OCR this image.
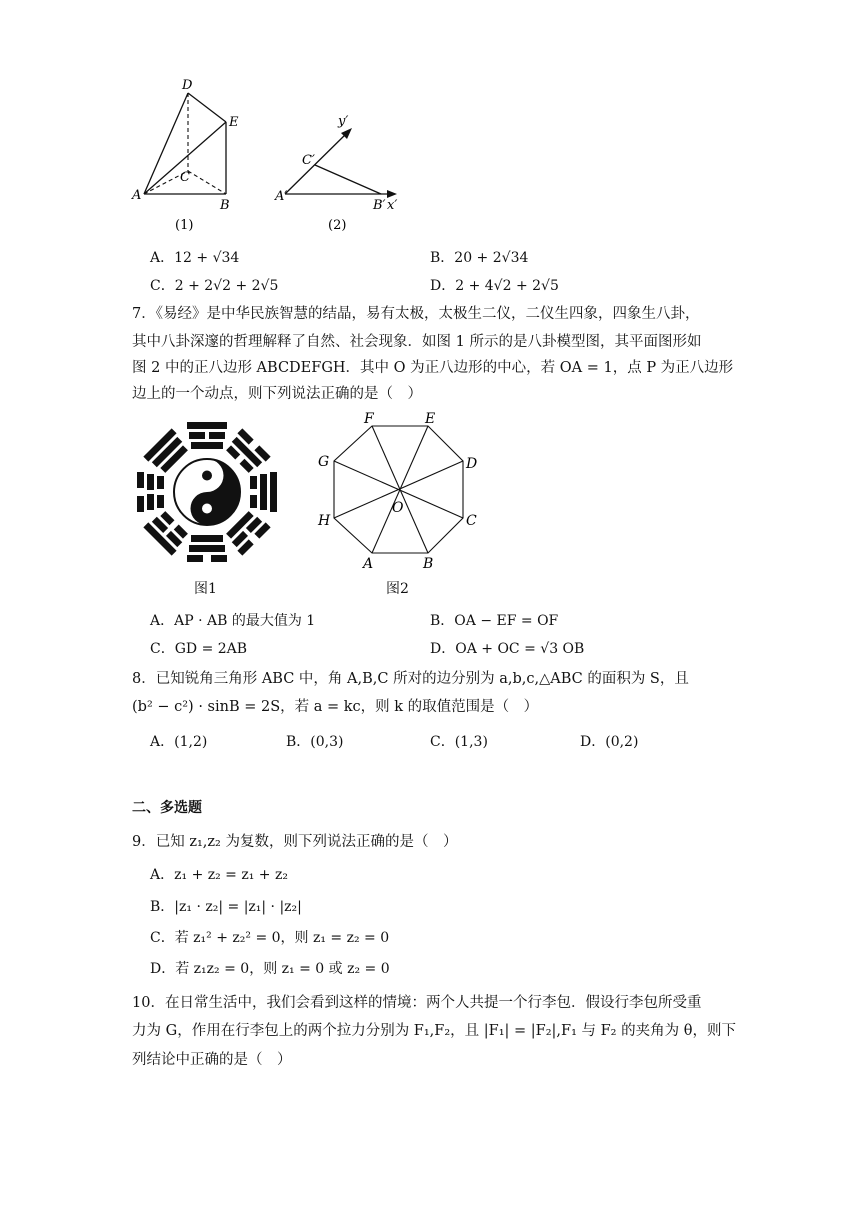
D
E
C
A
B
(1)
y′
C′
A′
B′ x′
(2)
A．12 + √34	B．20 + 2√34
C．2 + 2√2 + 2√5	D．2 + 4√2 + 2√5
7．《易经》是中华民族智慧的结晶，易有太极，太极生二仪，二仪生四象，四象生八卦，
其中八卦深邃的哲理解释了自然、社会现象．如图 1 所示的是八卦模型图，其平面图形如
图 2 中的正八边形 ABCDEFGH．其中 O 为正八边形的中心，若 OA = 1，点 P 为正八边形
边上的一个动点，则下列说法正确的是（　）
图1
F	E
G	D
H	C
O
A	B
图2
A．AP · AB 的最大值为 1	B．OA − EF = OF
C．GD = 2AB	D．OA + OC = √3 OB
8．已知锐角三角形 ABC 中，角 A,B,C 所对的边分别为 a,b,c,△ABC 的面积为 S，且
(b² − c²) · sinB = 2S，若 a = kc，则 k 的取值范围是（　）
A．(1,2)	B．(0,3)	C．(1,3)	D．(0,2)
二、多选题
9．已知 z₁,z₂ 为复数，则下列说法正确的是（　）
A．z₁ + z₂ = z₁ + z₂
B．|z₁ · z₂| = |z₁| · |z₂|
C．若 z₁² + z₂² = 0，则 z₁ = z₂ = 0
D．若 z₁z₂ = 0，则 z₁ = 0 或 z₂ = 0
10．在日常生活中，我们会看到这样的情境：两个人共提一个行李包．假设行李包所受重
力为 G，作用在行李包上的两个拉力分别为 F₁,F₂，且 |F₁| = |F₂|,F₁ 与 F₂ 的夹角为 θ，则下
列结论中正确的是（　）
